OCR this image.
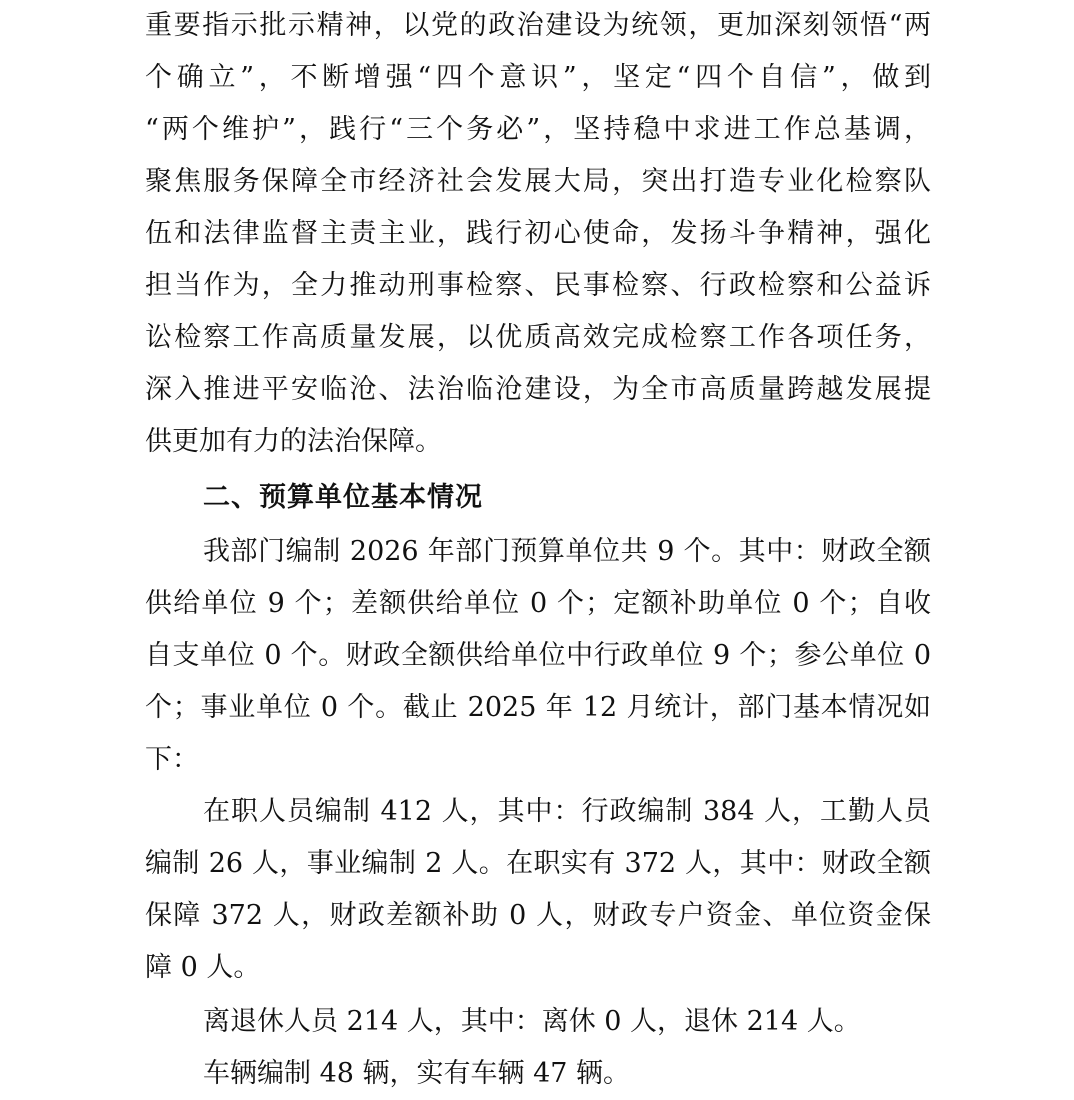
重要指示批示精神，以党的政治建设为统领，更加深刻领悟“两
个确立”，不断增强“四个意识”，坚定“四个自信”，做到
“两个维护”，践行“三个务必”，坚持稳中求进工作总基调，
聚焦服务保障全市经济社会发展大局，突出打造专业化检察队
伍和法律监督主责主业，践行初心使命，发扬斗争精神，强化
担当作为，全力推动刑事检察、民事检察、行政检察和公益诉
讼检察工作高质量发展，以优质高效完成检察工作各项任务，
深入推进平安临沧、法治临沧建设，为全市高质量跨越发展提
供更加有力的法治保障。
二、预算单位基本情况
我部门编制 2026 年部门预算单位共 9 个。其中：财政全额
供给单位 9 个；差额供给单位 0 个；定额补助单位 0 个；自收
自支单位 0 个。财政全额供给单位中行政单位 9 个；参公单位 0
个；事业单位 0 个。截止 2025 年 12 月统计，部门基本情况如
下：
在职人员编制 412 人，其中：行政编制 384 人，工勤人员
编制 26 人，事业编制 2 人。在职实有 372 人，其中：财政全额
保障 372 人，财政差额补助 0 人，财政专户资金、单位资金保
障 0 人。
离退休人员 214 人，其中：离休 0 人，退休 214 人。
车辆编制 48 辆，实有车辆 47 辆。
